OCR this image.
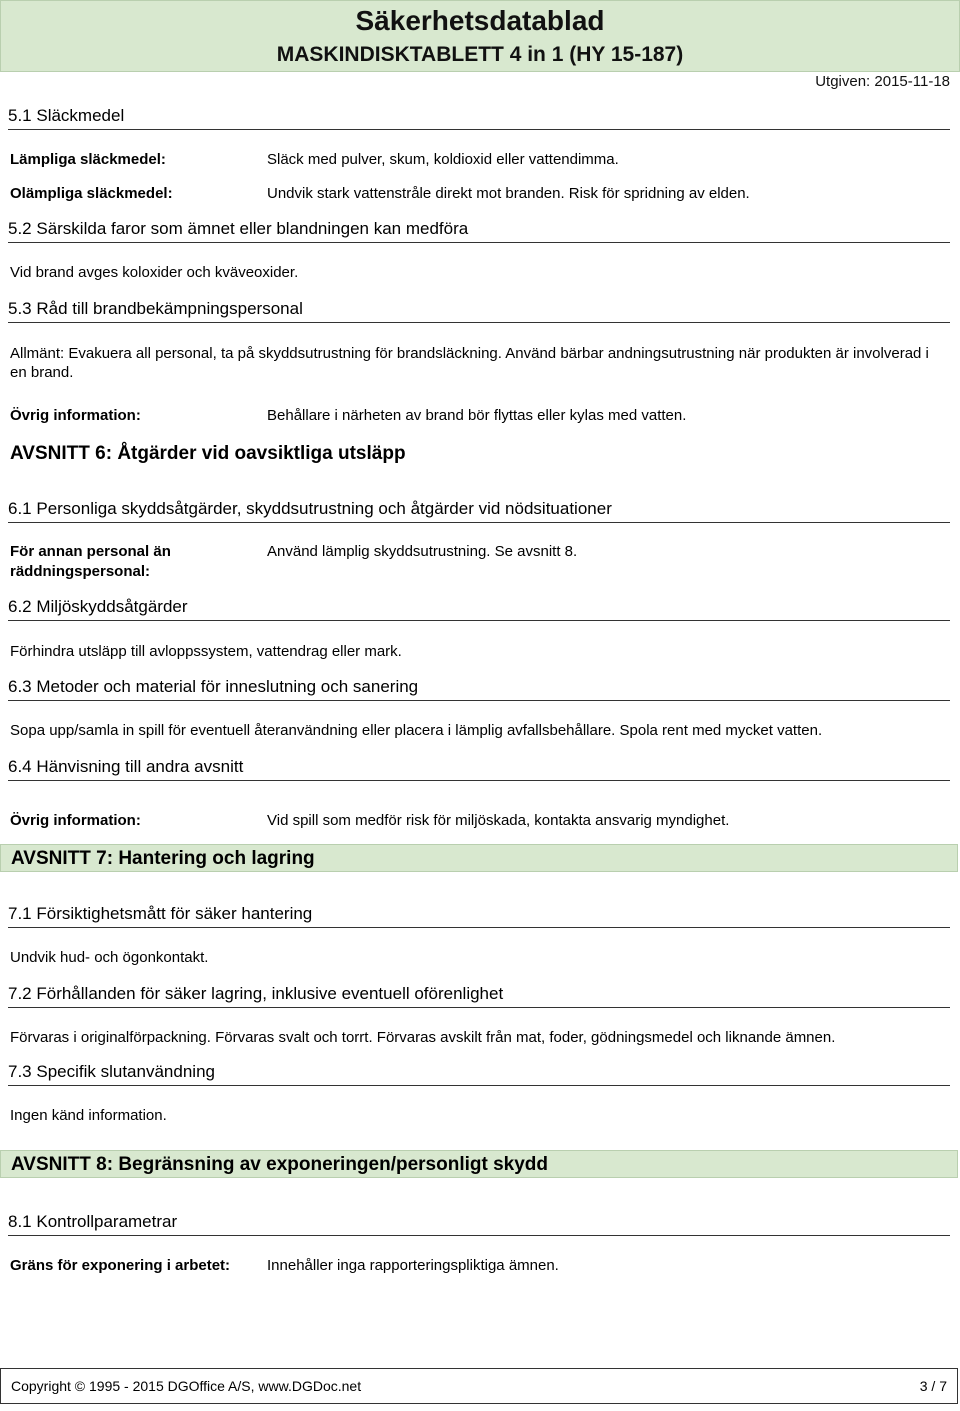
Säkerhetsdatablad
MASKINDISKTABLETT 4 in 1 (HY 15-187)
Utgiven: 2015-11-18
5.1 Släckmedel
Lämpliga släckmedel:	Släck med pulver, skum, koldioxid eller vattendimma.
Olämpliga släckmedel:	Undvik stark vattenstråle direkt mot branden. Risk för spridning av elden.
5.2 Särskilda faror som ämnet eller blandningen kan medföra
Vid brand avges koloxider och kväveoxider.
5.3 Råd till brandbekämpningspersonal
Allmänt: Evakuera all personal, ta på skyddsutrustning för brandsläckning. Använd bärbar andningsutrustning när produkten är involverad i en brand.
Övrig information:	Behållare i närheten av brand bör flyttas eller kylas med vatten.
AVSNITT 6: Åtgärder vid oavsiktliga utsläpp
6.1 Personliga skyddsåtgärder, skyddsutrustning och åtgärder vid nödsituationer
För annan personal än
räddningspersonal:
Använd lämplig skyddsutrustning. Se avsnitt 8.
6.2 Miljöskyddsåtgärder
Förhindra utsläpp till avloppssystem, vattendrag eller mark.
6.3 Metoder och material för inneslutning och sanering
Sopa upp/samla in spill för eventuell återanvändning eller placera i lämplig avfallsbehållare. Spola rent med mycket vatten.
6.4 Hänvisning till andra avsnitt
Övrig information:	Vid spill som medför risk för miljöskada, kontakta ansvarig myndighet.
AVSNITT 7: Hantering och lagring
7.1 Försiktighetsmått för säker hantering
Undvik hud- och ögonkontakt.
7.2 Förhållanden för säker lagring, inklusive eventuell oförenlighet
Förvaras i originalförpackning. Förvaras svalt och torrt. Förvaras avskilt från mat, foder, gödningsmedel och liknande ämnen.
7.3 Specifik slutanvändning
Ingen känd information.
AVSNITT 8: Begränsning av exponeringen/personligt skydd
8.1 Kontrollparametrar
Gräns för exponering i arbetet: Innehåller inga rapporteringspliktiga ämnen.
Copyright © 1995 - 2015 DGOffice A/S, www.DGDoc.net	3 / 7
